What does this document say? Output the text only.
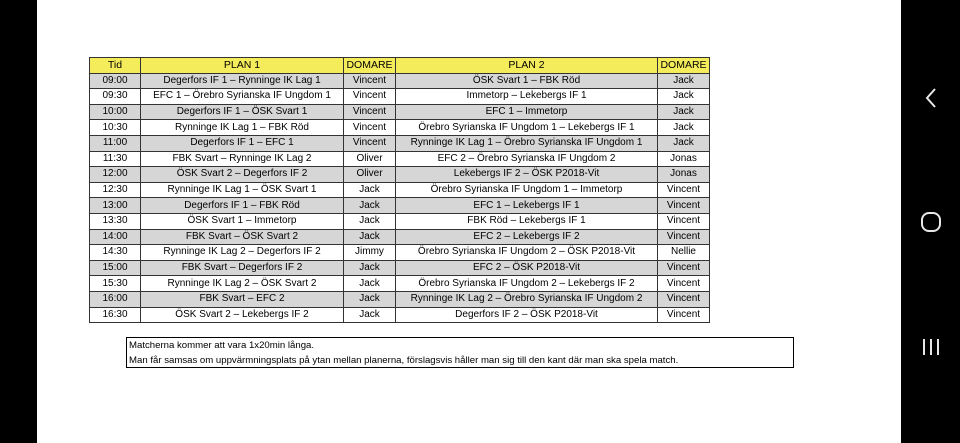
Tid	PLAN 1	DOMARE	PLAN 2	DOMARE
09:00	Degerfors IF 1 – Rynninge IK Lag 1	Vincent	ÖSK Svart 1 – FBK Röd	Jack
09:30	EFC 1 – Örebro Syrianska IF Ungdom 1	Vincent	Immetorp – Lekebergs IF 1	Jack
10:00	Degerfors IF 1 – ÖSK Svart 1	Vincent	EFC 1 – Immetorp	Jack
10:30	Rynninge IK Lag 1 – FBK Röd	Vincent	Örebro Syrianska IF Ungdom 1 – Lekebergs IF 1	Jack
11:00	Degerfors IF 1 – EFC 1	Vincent	Rynninge IK Lag 1 – Örebro Syrianska IF Ungdom 1	Jack
11:30	FBK Svart – Rynninge IK Lag 2	Oliver	EFC 2 – Örebro Syrianska IF Ungdom 2	Jonas
12:00	ÖSK Svart 2 – Degerfors IF 2	Oliver	Lekebergs IF 2 – ÖSK P2018-Vit	Jonas
12:30	Rynninge IK Lag 1 – ÖSK Svart 1	Jack	Örebro Syrianska IF Ungdom 1 – Immetorp	Vincent
13:00	Degerfors IF 1 – FBK Röd	Jack	EFC 1 – Lekebergs IF 1	Vincent
13:30	ÖSK Svart 1 – Immetorp	Jack	FBK Röd – Lekebergs IF 1	Vincent
14:00	FBK Svart – ÖSK Svart 2	Jack	EFC 2 – Lekebergs IF 2	Vincent
14:30	Rynninge IK Lag 2 – Degerfors IF 2	Jimmy	Örebro Syrianska IF Ungdom 2 – ÖSK P2018-Vit	Nellie
15:00	FBK Svart – Degerfors IF 2	Jack	EFC 2 – ÖSK P2018-Vit	Vincent
15:30	Rynninge IK Lag 2 – ÖSK Svart 2	Jack	Örebro Syrianska IF Ungdom 2 – Lekebergs IF 2	Vincent
16:00	FBK Svart – EFC 2	Jack	Rynninge IK Lag 2 – Örebro Syrianska IF Ungdom 2	Vincent
16:30	ÖSK Svart 2 – Lekebergs IF 2	Jack	Degerfors IF 2 – ÖSK P2018-Vit	Vincent
Matcherna kommer att vara 1x20min långa.
Man får samsas om uppvärmningsplats på ytan mellan planerna, förslagsvis håller man sig till den kant där man ska spela match.
